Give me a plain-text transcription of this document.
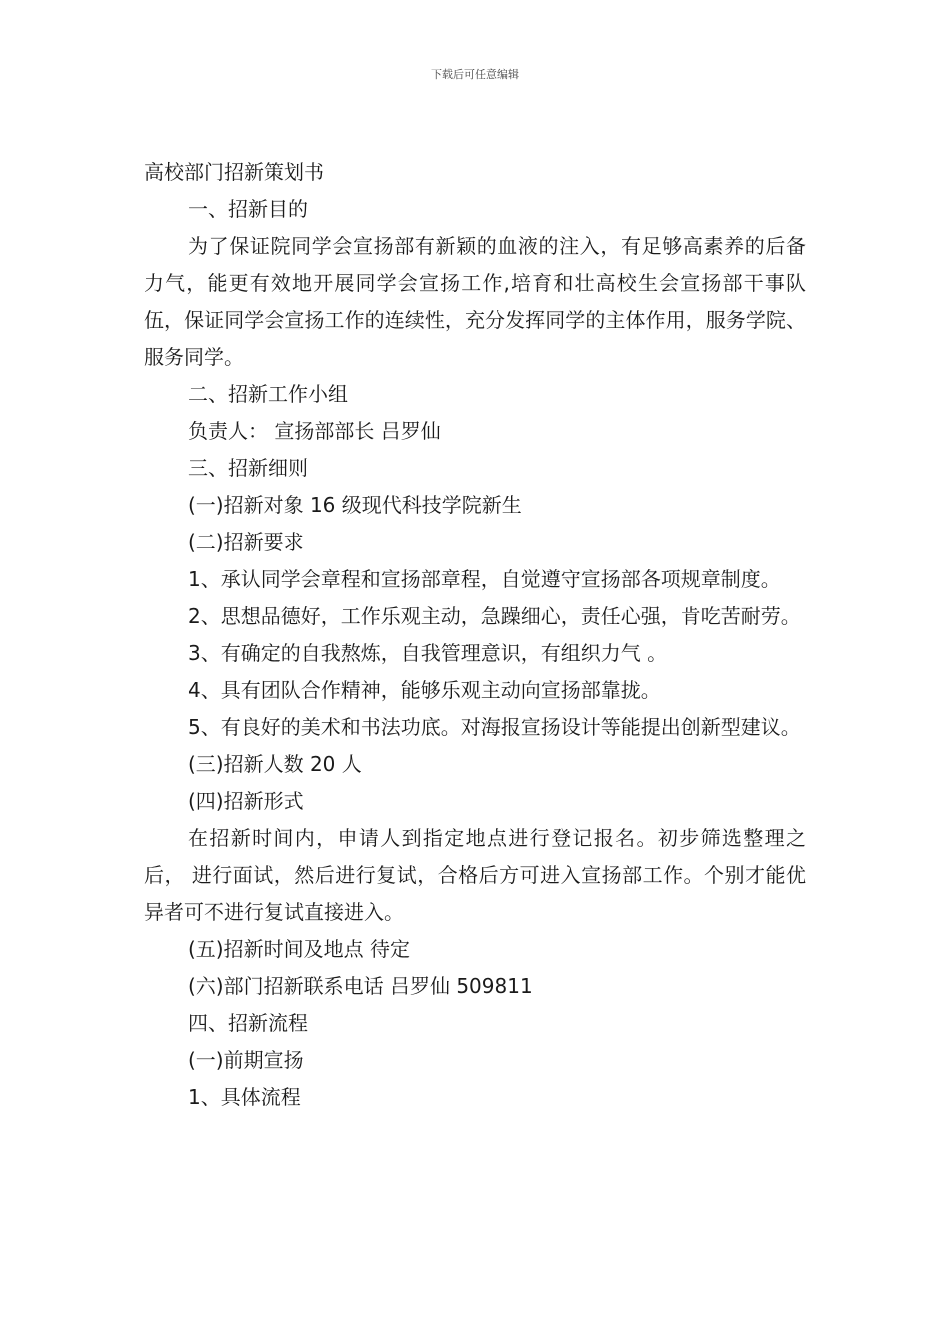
下载后可任意编辑

高校部门招新策划书

一、招新目的

为了保证院同学会宣扬部有新颖的血液的注入，有足够高素养的后备力气，能更有效地开展同学会宣扬工作,培育和壮高校生会宣扬部干事队伍，保证同学会宣扬工作的连续性，充分发挥同学的主体作用，服务学院、服务同学。

二、招新工作小组

负责人： 宣扬部部长 吕罗仙

三、招新细则

(一)招新对象 16 级现代科技学院新生

(二)招新要求

1、承认同学会章程和宣扬部章程，自觉遵守宣扬部各项规章制度。

2、思想品德好，工作乐观主动，急躁细心，责任心强，肯吃苦耐劳。

3、有确定的自我熬炼，自我管理意识，有组织力气 。

4、具有团队合作精神，能够乐观主动向宣扬部靠拢。

5、有良好的美术和书法功底。对海报宣扬设计等能提出创新型建议。

(三)招新人数 20 人

(四)招新形式

在招新时间内，申请人到指定地点进行登记报名。初步筛选整理之后， 进行面试，然后进行复试，合格后方可进入宣扬部工作。个别才能优异者可不进行复试直接进入。

(五)招新时间及地点 待定

(六)部门招新联系电话 吕罗仙 509811

四、招新流程

(一)前期宣扬

1、具体流程
